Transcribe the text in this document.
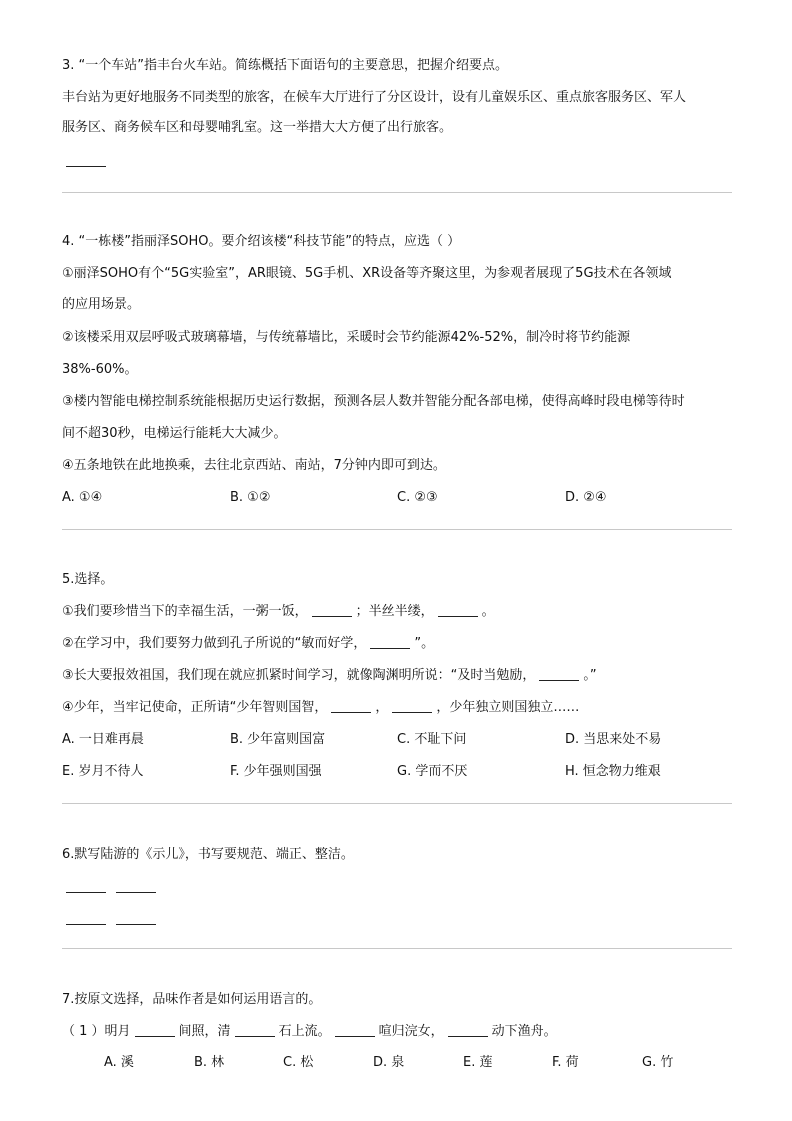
3. “一个车站”指丰台火车站。简练概括下面语句的主要意思，把握介绍要点。
丰台站为更好地服务不同类型的旅客，在候车大厅进行了分区设计，设有儿童娱乐区、重点旅客服务区、军人
服务区、商务候车区和母婴哺乳室。这一举措大大方便了出行旅客。
4. “一栋楼”指丽泽SOHO。要介绍该楼“科技节能”的特点，应选（ ）
①丽泽SOHO有个“5G实验室”，AR眼镜、5G手机、XR设备等齐聚这里，为参观者展现了5G技术在各领域
的应用场景。
②该楼采用双层呼吸式玻璃幕墙，与传统幕墙比，采暖时会节约能源42%-52%，制冷时将节约能源
38%-60%。
③楼内智能电梯控制系统能根据历史运行数据，预测各层人数并智能分配各部电梯，使得高峰时段电梯等待时
间不超30秒，电梯运行能耗大大减少。
④五条地铁在此地换乘，去往北京西站、南站，7分钟内即可到达。
A. ①④	B. ①②	C. ②③	D. ②④
5.选择。
①我们要珍惜当下的幸福生活，一粥一饭，	；半丝半缕，	。
②在学习中，我们要努力做到孔子所说的“敏而好学，	”。
③长大要报效祖国，我们现在就应抓紧时间学习，就像陶渊明所说：“及时当勉励，	。”
④少年，当牢记使命，正所请“少年智则国智，	，	，少年独立则国独立……
A. 一日难再晨	B. 少年富则国富	C. 不耻下问	D. 当思来处不易
E. 岁月不待人	F. 少年强则国强	G. 学而不厌	H. 恒念物力维艰
6.默写陆游的《示儿》，书写要规范、端正、整洁。
7.按原文选择，品味作者是如何运用语言的。
（ 1 ）明月	间照，清	石上流。	喧归浣女，	动下渔舟。
A. 溪	B. 林	C. 松	D. 泉	E. 莲	F. 荷	G. 竹
